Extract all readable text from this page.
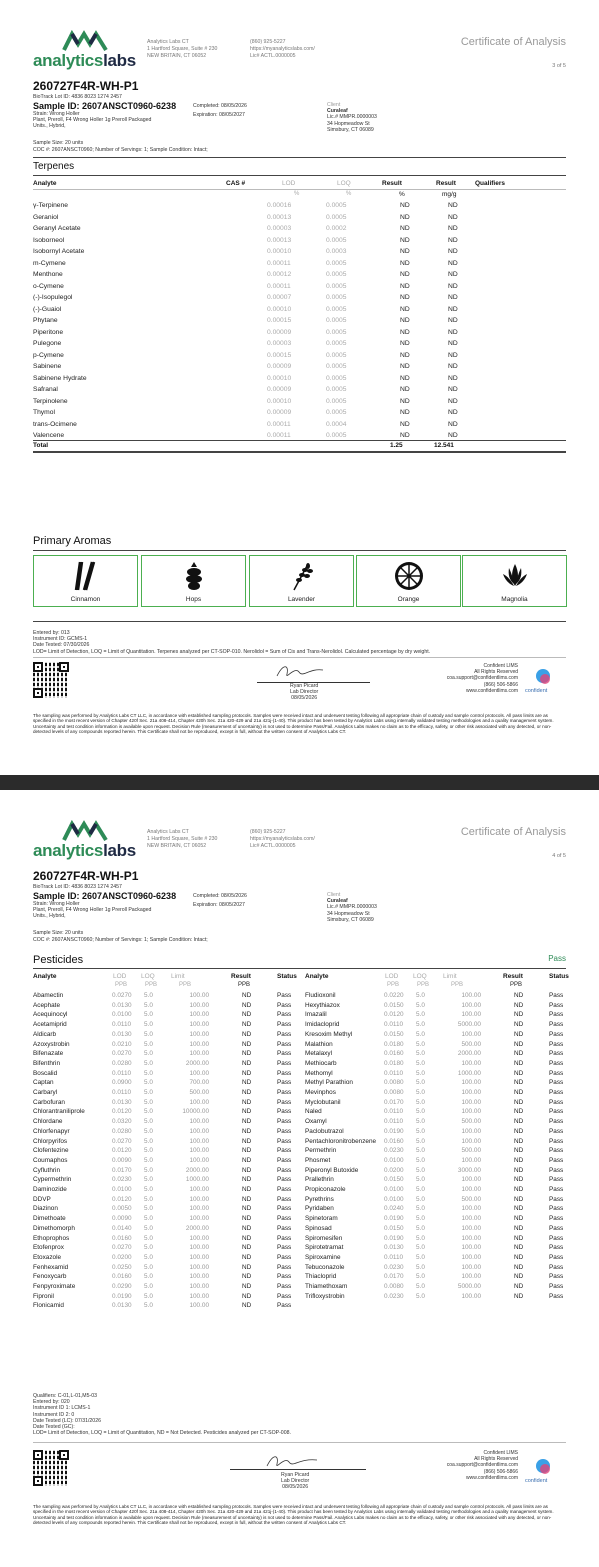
analyticslabs
Analytics Labs CT
1 Hartford Square, Suite # 230
NEW BRITAIN, CT 06052
(860) 925-5227
https://myanalyticslabs.com/
Lic# ACTL.0000005
Certificate of Analysis
3 of 5
260727F4R-WH-P1
BioTrack Lot ID: 4836 8023 1274 2457
Sample ID: 2607ANSCT0960-6238	Completed: 08/05/2026
Expiration: 08/05/2027
Strain: Wrong Holler
Plant, Preroll, F4 Wrong Holler 1g Preroll Packaged
Units., Hybrid,
Sample Size: 20 units
COC #: 2607ANSCT0960; Number of Servings: 1; Sample Condition: Intact;
Client
Curaleaf
Lic.# MMPR.0000003
34 Hopmeadow St
Simsbury, CT 06089
Terpenes
Analyte	CAS #	LOD	LOQ	Result	Result	Qualifiers
%	%	%	mg/g
γ-Terpinene	0.00016	0.0005	ND	ND
Geraniol	0.00013	0.0005	ND	ND
Geranyl Acetate	0.00003	0.0002	ND	ND
Isoborneol	0.00013	0.0005	ND	ND
Isobornyl Acetate	0.00010	0.0003	ND	ND
m-Cymene	0.00011	0.0005	ND	ND
Menthone	0.00012	0.0005	ND	ND
o-Cymene	0.00011	0.0005	ND	ND
(-)-Isopulegol	0.00007	0.0005	ND	ND
(-)-Guaiol	0.00010	0.0005	ND	ND
Phytane	0.00015	0.0005	ND	ND
Piperitone	0.00009	0.0005	ND	ND
Pulegone	0.00003	0.0005	ND	ND
p-Cymene	0.00015	0.0005	ND	ND
Sabinene	0.00009	0.0005	ND	ND
Sabinene Hydrate	0.00010	0.0005	ND	ND
Safranal	0.00009	0.0005	ND	ND
Terpinolene	0.00010	0.0005	ND	ND
Thymol	0.00009	0.0005	ND	ND
trans-Ocimene	0.00011	0.0004	ND	ND
Valencene	0.00011	0.0005	ND	ND
Total	1.25	12.541
Primary Aromas
Cinnamon	Hops	Lavender	Orange	Magnolia
Entered by: 013
Instrument ID: GCMS-1
Date Tested: 07/30/2026
LOD= Limit of Detection, LOQ = Limit of Quantitation. Terpenes analyzed per CT-SOP-010. Nerolidol = Sum of Cis and Trans-Nerolidol. Calculated percentage by dry weight.
Ryan Picard
Lab Director
08/05/2026
Confident LIMS
All Rights Reserved
coa.support@confidentlims.com
(866) 506-5866
www.confidentlims.com confident
The sampling was performed by Analytics Labs CT LLC, in accordance with established sampling protocols. Samples were received intact and underwent testing following all appropriate chain of custody and sample control protocols. All pass limits are as specified in the most recent version of Chapter 420f Sec. 21a 408-414, Chapter 420h Sec. 21a 420-429 and 21a 421j-(1-40). This product has been tested by Analytics Labs using internally validated testing methodologies and a quality management system. Uncertainty and test condition information is available upon request. Decision Rule (measurement of uncertainty) is not used to determine Pass/Fail. Analytics Labs makes no claim as to the efficacy, safety, or other risk associated with any detected, or non-detected levels of any compounds reported herein. This Certificate shall not be reproduced, except in full, without the written consent of Analytics Labs CT.
analyticslabs
Analytics Labs CT
1 Hartford Square, Suite # 230
NEW BRITAIN, CT 06052
(860) 925-5227
https://myanalyticslabs.com/
Lic# ACTL.0000005
Certificate of Analysis
4 of 5
260727F4R-WH-P1
BioTrack Lot ID: 4836 8023 1274 2457
Sample ID: 2607ANSCT0960-6238	Completed: 08/05/2026
Expiration: 08/05/2027
Strain: Wrong Holler
Plant, Preroll, F4 Wrong Holler 1g Preroll Packaged
Units., Hybrid,
Sample Size: 20 units
COC #: 2607ANSCT0960; Number of Servings: 1; Sample Condition: Intact;
Client
Curaleaf
Lic.# MMPR.0000003
34 Hopmeadow St
Simsbury, CT 06089
Pesticides	Pass
Analyte	LOD LOQ	Limit	Result	Status
PPB	PPB	PPB	PPB
Analyte	LOD LOQ	Limit	Result	Status
PPB	PPB	PPB	PPB
Abamectin	0.0270 5.0	100.00	ND	Pass
Acephate	0.0130 5.0	100.00	ND	Pass
Acequinocyl	0.0100 5.0	100.00	ND	Pass
Acetamiprid	0.0110 5.0	100.00	ND	Pass
Aldicarb	0.0130 5.0	100.00	ND	Pass
Azoxystrobin	0.0210 5.0	100.00	ND	Pass
Bifenazate	0.0270 5.0	100.00	ND	Pass
Bifenthrin	0.0280 5.0	2000.00	ND	Pass
Boscalid	0.0110 5.0	100.00	ND	Pass
Captan	0.0900 5.0	700.00	ND	Pass
Carbaryl	0.0110 5.0	500.00	ND	Pass
Carbofuran	0.0130 5.0	100.00	ND	Pass
Chlorantraniliprole	0.0120 5.0	10000.00	ND	Pass
Chlordane	0.0320 5.0	100.00	ND	Pass
Chlorfenapyr	0.0280 5.0	100.00	ND	Pass
Chlorpyrifos	0.0270 5.0	100.00	ND	Pass
Clofentezine	0.0120 5.0	100.00	ND	Pass
Coumaphos	0.0090 5.0	100.00	ND	Pass
Cyfluthrin	0.0170 5.0	2000.00	ND	Pass
Cypermethrin	0.0230 5.0	1000.00	ND	Pass
Daminozide	0.0100 5.0	100.00	ND	Pass
DDVP	0.0120 5.0	100.00	ND	Pass
Diazinon	0.0050 5.0	100.00	ND	Pass
Dimethoate	0.0090 5.0	100.00	ND	Pass
Dimethomorph	0.0140 5.0	2000.00	ND	Pass
Ethoprophos	0.0160 5.0	100.00	ND	Pass
Etofenprox	0.0270 5.0	100.00	ND	Pass
Etoxazole	0.0200 5.0	100.00	ND	Pass
Fenhexamid	0.0250 5.0	100.00	ND	Pass
Fenoxycarb	0.0160 5.0	100.00	ND	Pass
Fenpyroximate	0.0290 5.0	100.00	ND	Pass
Fipronil	0.0190 5.0	100.00	ND	Pass
Flonicamid	0.0130 5.0	100.00	ND	Pass
Fludioxonil	0.0220 5.0	100.00	ND	Pass
Hexythiazox	0.0150 5.0	100.00	ND	Pass
Imazalil	0.0120 5.0	100.00	ND	Pass
Imidacloprid	0.0110 5.0	5000.00	ND	Pass
Kresoxim Methyl	0.0150 5.0	100.00	ND	Pass
Malathion	0.0180 5.0	500.00	ND	Pass
Metalaxyl	0.0160 5.0	2000.00	ND	Pass
Methiocarb	0.0180 5.0	100.00	ND	Pass
Methomyl	0.0110 5.0	1000.00	ND	Pass
Methyl Parathion	0.0080 5.0	100.00	ND	Pass
Mevinphos	0.0080 5.0	100.00	ND	Pass
Myclobutanil	0.0170 5.0	100.00	ND	Pass
Naled	0.0110 5.0	100.00	ND	Pass
Oxamyl	0.0110 5.0	500.00	ND	Pass
Paclobutrazol	0.0190 5.0	100.00	ND	Pass
Pentachloronitrobenzene 0.0160 5.0	100.00	ND	Pass
Permethrin	0.0230 5.0	500.00	ND	Pass
Phosmet	0.0100 5.0	100.00	ND	Pass
Piperonyl Butoxide	0.0200 5.0	3000.00	ND	Pass
Prallethrin	0.0150 5.0	100.00	ND	Pass
Propiconazole	0.0100 5.0	100.00	ND	Pass
Pyrethrins	0.0100 5.0	500.00	ND	Pass
Pyridaben	0.0240 5.0	100.00	ND	Pass
Spinetoram	0.0190 5.0	100.00	ND	Pass
Spinosad	0.0150 5.0	100.00	ND	Pass
Spiromesifen	0.0190 5.0	100.00	ND	Pass
Spirotetramat	0.0130 5.0	100.00	ND	Pass
Spiroxamine	0.0110 5.0	100.00	ND	Pass
Tebuconazole	0.0230 5.0	100.00	ND	Pass
Thiacloprid	0.0170 5.0	100.00	ND	Pass
Thiamethoxam	0.0080 5.0	5000.00	ND	Pass
Trifloxystrobin	0.0230 5.0	100.00	ND	Pass
Qualifiers: C-01,L-01,M5-03
Entered by: 020
Instrument ID 1: LCMS-1
Instrument ID 2: 0
Date Tested (LC): 07/31/2026
Date Tested (GC):
LOD= Limit of Detection, LOQ = Limit of Quantitation, ND = Not Detected. Pesticides analyzed per CT-SOP-008.
Ryan Picard
Lab Director
08/05/2026
Confident LIMS
All Rights Reserved
coa.support@confidentlims.com
(866) 506-5866
www.confidentlims.com
confident
The sampling was performed by Analytics Labs CT LLC, in accordance with established sampling protocols. Samples were received intact and underwent testing following all appropriate chain of custody and sample control protocols. All pass limits are as specified in the most recent version of Chapter 420f Sec. 21a 408-414, Chapter 420h Sec. 21a 420-429 and 21a 421j-(1-40). This product has been tested by Analytics Labs using internally validated testing methodologies and a quality management system. Uncertainty and test condition information is available upon request. Decision Rule (measurement of uncertainty) is not used to determine Pass/Fail. Analytics Labs makes no claim as to the efficacy, safety, or other risk associated with any detected, or non-detected levels of any compounds reported herein. This Certificate shall not be reproduced, except in full, without the written consent of Analytics Labs CT.
